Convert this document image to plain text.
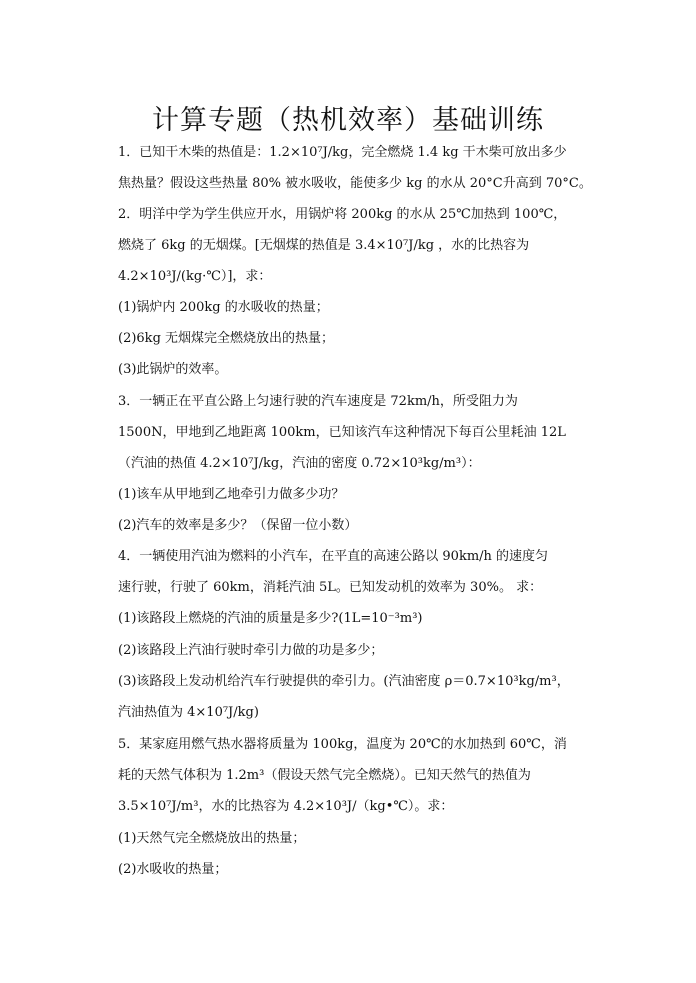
计算专题（热机效率）基础训练
1．已知干木柴的热值是：1.2×10⁷J/kg，完全燃烧 1.4 kg 干木柴可放出多少
焦热量？假设这些热量 80% 被水吸收，能使多少 kg 的水从 20°C升高到 70°C。
2．明洋中学为学生供应开水，用锅炉将 200kg 的水从 25℃加热到 100℃，
燃烧了 6kg 的无烟煤。[无烟煤的热值是 3.4×10⁷J/kg ，水的比热容为
4.2×10³J/(kg·℃）]，求：
(1)锅炉内 200kg 的水吸收的热量；
(2)6kg 无烟煤完全燃烧放出的热量；
(3)此锅炉的效率。
3．一辆正在平直公路上匀速行驶的汽车速度是 72km/h，所受阻力为
1500N，甲地到乙地距离 100km，已知该汽车这种情况下每百公里耗油 12L
（汽油的热值 4.2×10⁷J/kg，汽油的密度 0.72×10³kg/m³）：
(1)该车从甲地到乙地牵引力做多少功？
(2)汽车的效率是多少？（保留一位小数）
4．一辆使用汽油为燃料的小汽车，在平直的高速公路以 90km/h 的速度匀
速行驶，行驶了 60km，消耗汽油 5L。已知发动机的效率为 30%。 求：
(1)该路段上燃烧的汽油的质量是多少?(1L=10⁻³m³)
(2)该路段上汽油行驶时牵引力做的功是多少；
(3)该路段上发动机给汽车行驶提供的牵引力。(汽油密度 ρ＝0.7×10³kg/m³，
汽油热值为 4×10⁷J/kg)
5．某家庭用燃气热水器将质量为 100kg，温度为 20℃的水加热到 60℃，消
耗的天然气体积为 1.2m³（假设天然气完全燃烧）。已知天然气的热值为
3.5×10⁷J/m³，水的比热容为 4.2×10³J/（kg•℃）。求：
(1)天然气完全燃烧放出的热量；
(2)水吸收的热量；
